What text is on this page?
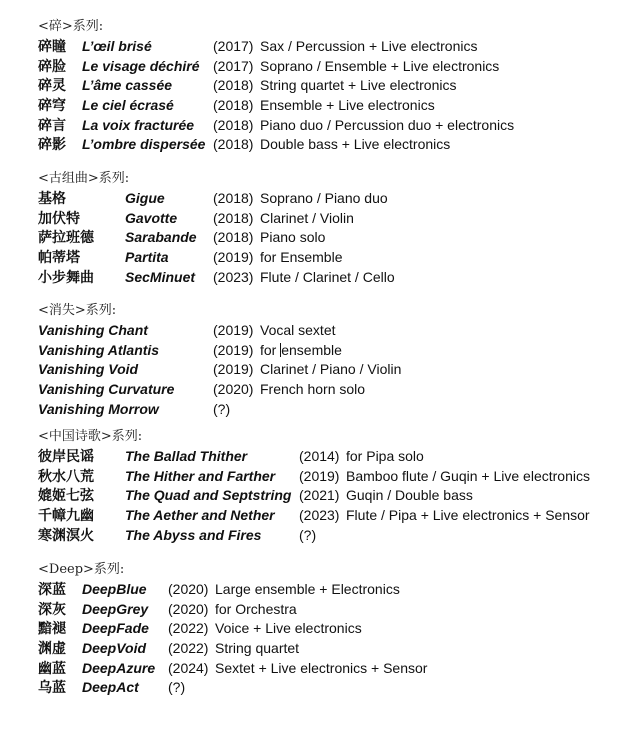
<碎>系列:
碎瞳 L’œil brisé	(2017) Sax / Percussion + Live electronics
碎脸 Le visage déchiré (2017) Soprano / Ensemble + Live electronics
碎灵 L’âme cassée	(2018) String quartet + Live electronics
碎穹 Le ciel écrasé	(2018) Ensemble + Live electronics
碎言 La voix fracturée (2018) Piano duo / Percussion duo + electronics
碎影 L’ombre dispersée (2018) Double bass + Live electronics
<古组曲>系列:
基格	Gigue	(2018) Soprano / Piano duo
加伏特	Gavotte	(2018) Clarinet / Violin
萨拉班德 Sarabande (2018) Piano solo
帕蒂塔	Partita	(2019) for Ensemble
小步舞曲 SecMinuet (2023) Flute / Clarinet / Cello
<消失>系列:
Vanishing Chant	(2019) Vocal sextet
Vanishing Atlantis	(2019) for ensemble
Vanishing Void	(2019) Clarinet / Piano / Violin
Vanishing Curvature	(2020) French horn solo
Vanishing Morrow	(?)
<中国诗歌>系列:
彼岸民谣 The Ballad Thither	(2014) for Pipa solo
秋水八荒 The Hither and Farther (2019) Bamboo flute / Guqin + Live electronics
媲姬七弦 The Quad and Septstring (2021) Guqin / Double bass
千幛九幽 The Aether and Nether (2023) Flute / Pipa + Live electronics + Sensor
寒渊溟火 The Abyss and Fires	(?)
<Deep>系列:
深蓝 DeepBlue (2020) Large ensemble + Electronics
深灰 DeepGrey (2020) for Orchestra
黯褪 DeepFade (2022) Voice + Live electronics
渊虚 DeepVoid (2022) String quartet
幽蓝 DeepAzure (2024) Sextet + Live electronics + Sensor
乌蓝 DeepAct (?)
